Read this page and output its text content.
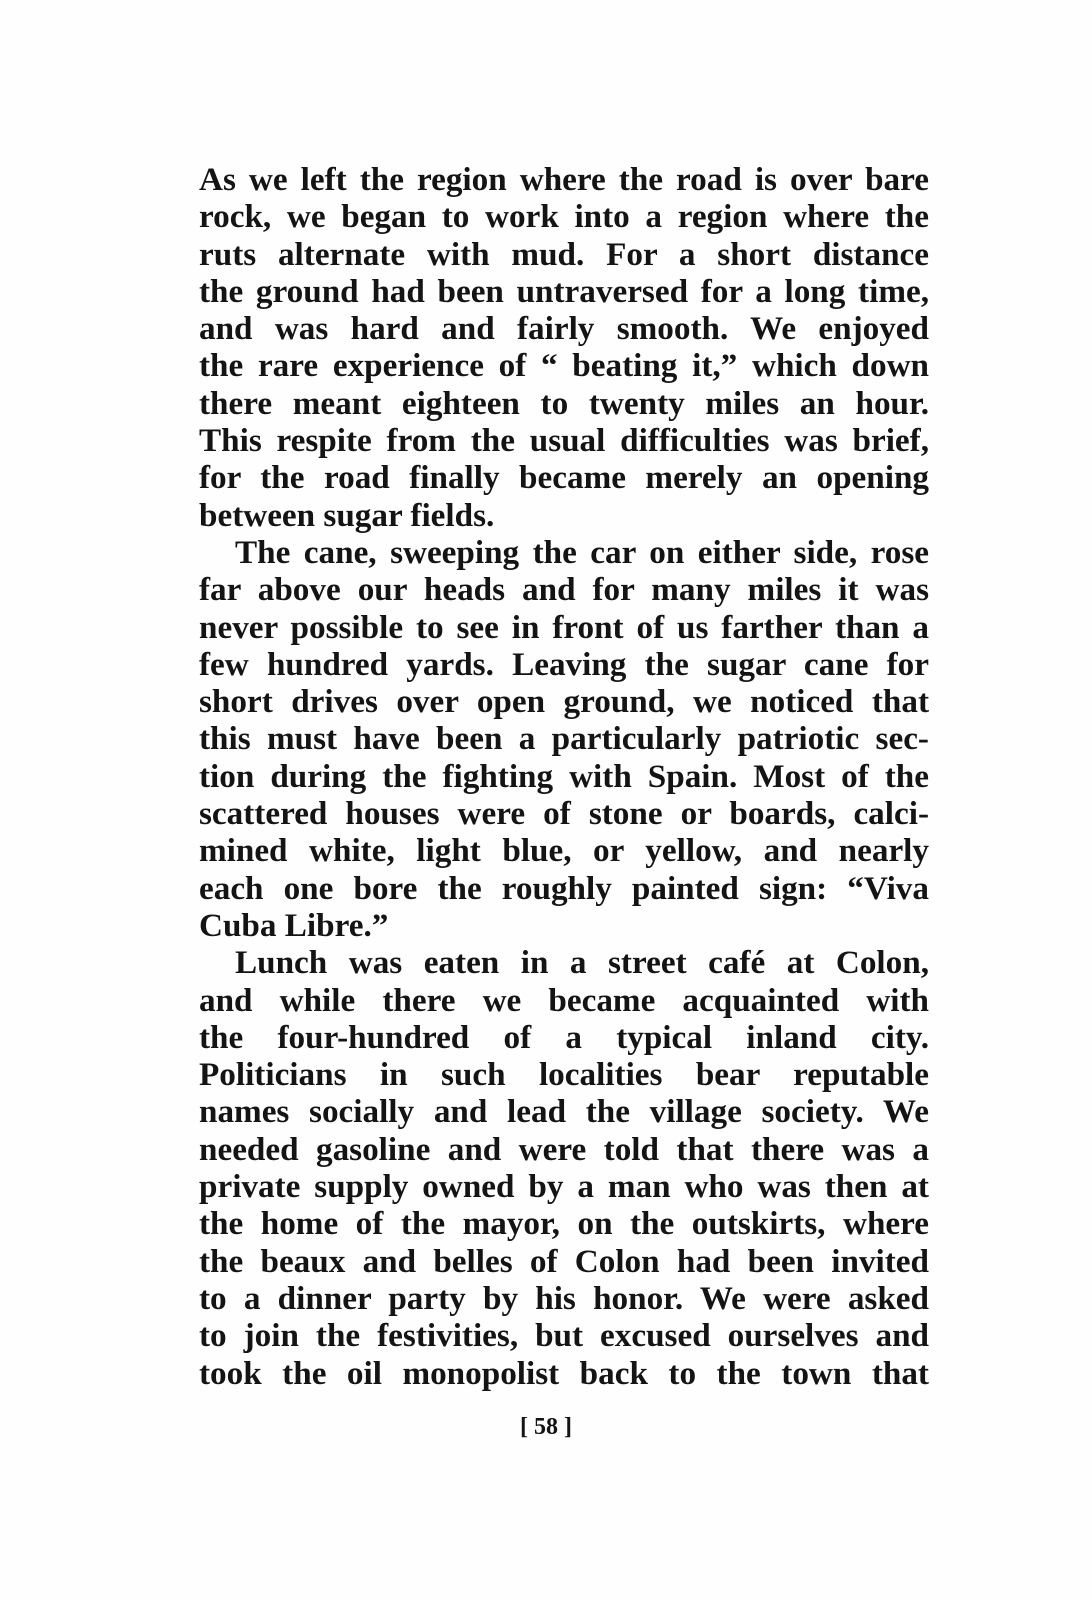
As we left the region where the road is over bare
rock, we began to work into a region where the
ruts alternate with mud. For a short distance
the ground had been untraversed for a long time,
and was hard and fairly smooth. We enjoyed
the rare experience of “ beating it,” which down
there meant eighteen to twenty miles an hour.
This respite from the usual difficulties was brief,
for the road finally became merely an opening
between sugar fields.
The cane, sweeping the car on either side, rose
far above our heads and for many miles it was
never possible to see in front of us farther than a
few hundred yards. Leaving the sugar cane for
short drives over open ground, we noticed that
this must have been a particularly patriotic sec-
tion during the fighting with Spain. Most of the
scattered houses were of stone or boards, calci-
mined white, light blue, or yellow, and nearly
each one bore the roughly painted sign: “Viva
Cuba Libre.”
Lunch was eaten in a street café at Colon,
and while there we became acquainted with
the four-hundred of a typical inland city.
Politicians in such localities bear reputable
names socially and lead the village society. We
needed gasoline and were told that there was a
private supply owned by a man who was then at
the home of the mayor, on the outskirts, where
the beaux and belles of Colon had been invited
to a dinner party by his honor. We were asked
to join the festivities, but excused ourselves and
took the oil monopolist back to the town that
[ 58 ]
